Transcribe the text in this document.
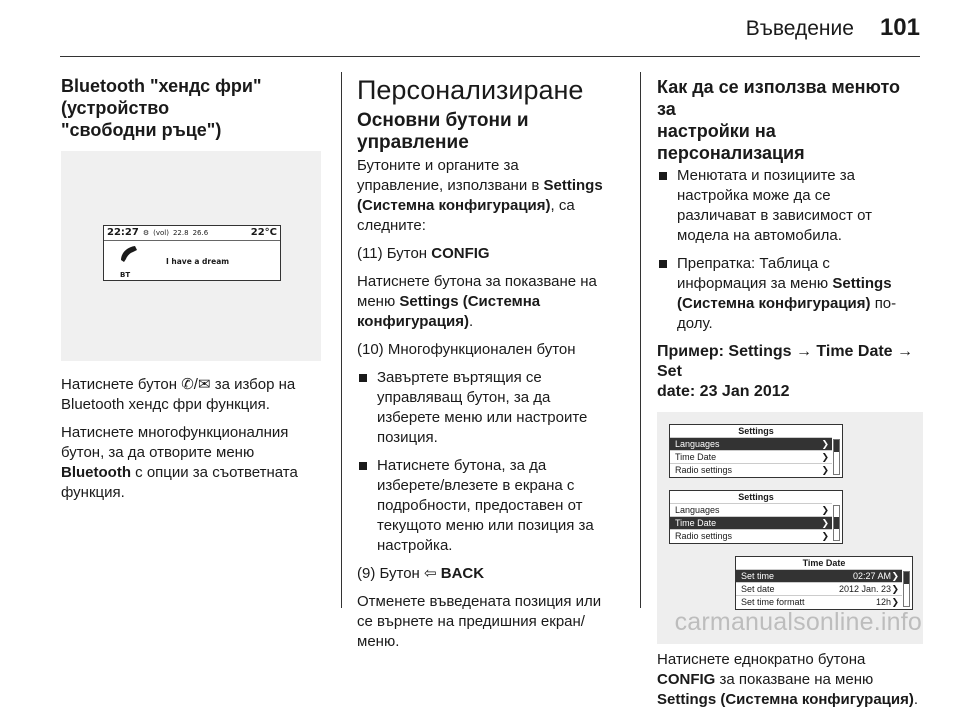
Въведение 101
Bluetooth "хендс фри" (устройство
"свободни ръце")
22:27 ⚙ (vol) 22.8 26.6	22°C
I have a dream
BT

Натиснете бутон ✆/✉ за избор на
Bluetooth хендс фри функция.

Натиснете многофункционалния
бутон, за да отворите меню
Bluetooth с опции за съответната
функция.

Персонализиране
Основни бутони и управление

Бутоните и органите за
управление, използвани в Settings
(Системна конфигурация), са
следните:

(11) Бутон CONFIG

Натиснете бутона за показване на
меню Settings (Системна
конфигурация).

(10) Многофункционален бутон

Завъртете въртящия се
управляващ бутон, за да
изберете меню или настроите
позиция.
Натиснете бутона, за да
изберете/влезете в екрана с
подробности, предоставен от
текущото меню или позиция за
настройка.

(9) Бутон ⇦ BACK

Отменете въведената позиция или
се върнете на предишния екран/
меню.

Как да се използва менюто за
настройки на персонализация
Менютата и позициите за
настройка може да се
различават в зависимост от
модела на автомобила.
Препратка: Таблица с
информация за меню Settings
(Системна конфигурация) по-
долу.
Пример: Settings → Time Date → Set
date: 23 Jan 2012
Settings
Languages	❯
Time Date	❯
Radio settings	❯
Settings
Languages	❯
Time Date	❯
Radio settings	❯
Time Date
Set time	02:27 AM ❯
Set date	2012 Jan. 23 ❯
Set time formatt	12h ❯

Натиснете еднократно бутона
CONFIG за показване на меню
Settings (Системна конфигурация).

carmanualsonline.info
